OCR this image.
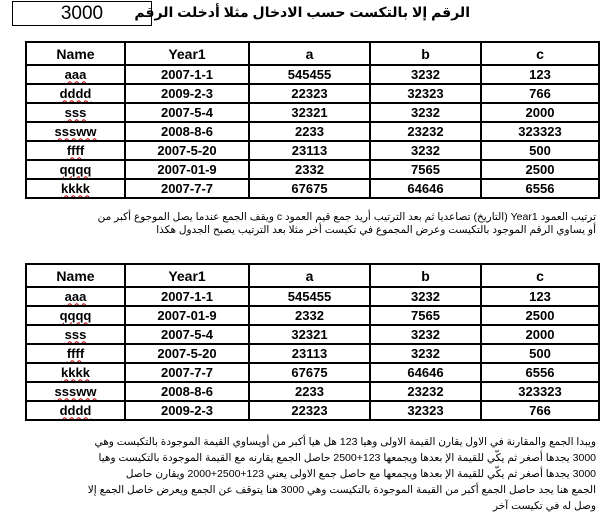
3000	الرقم إلا بالتكست حسب الادخال مثلا أدخلت الرقم
Name	Year1	a	b	c
aaa	2007-1-1	545455	3232	123
dddd	2009-2-3	22323	32323	766
sss	2007-5-4	32321	3232	2000
sssww	2008-8-6	2233	23232	323323
ffff	2007-5-20	23113	3232	500
qqqq	2007-01-9	2332	7565	2500
kkkk	2007-7-7	67675	64646	6556
ترتيب العمود Year1 (التاريخ) تصاعديا ثم بعد الترتيب أريد جمع قيم العمود c ويقف الجمع عندما يصل الموجوع أكبر من
أو يساوي الرقم الموجود بالتكيست وعرض المجموع في تكيست أخر مثلا بعد الترتيب يصبح الجدول هكذا
Name	Year1	a	b	c
aaa	2007-1-1	545455	3232	123
qqqq	2007-01-9	2332	7565	2500
sss	2007-5-4	32321	3232	2000
ffff	2007-5-20	23113	3232	500
kkkk	2007-7-7	67675	64646	6556
sssww	2008-8-6	2233	23232	323323
dddd	2009-2-3	22323	32323	766
ويبدا الجمع والمقارنة في الاول يقارن القيمة الاولى وهيا 123 هل هيا أكبر من أويساوي القيمة الموجودة بالتكيست وهي
3000 يجدها أصغر ثم يكّي للقيمة الإ بعدها ويجمعها 123+2500 حاصل الجمع يقارنه مع القيمة الموجودة بالتكيست وهيا
3000 يجدها أصغر ثم يكّي للقيمة الإ بعدها ويجمعها مع حاصل جمع الاولى يعني 123+2500+2000 ويقارن حاصل
الجمع هنا يجد حاصل الجمع أكبر من القيمة الموجودة بالتكيست وهي 3000 هنا يتوقف عن الجمع ويعرض خاصل الجمع إلا
وصل له في تكيست آخر
